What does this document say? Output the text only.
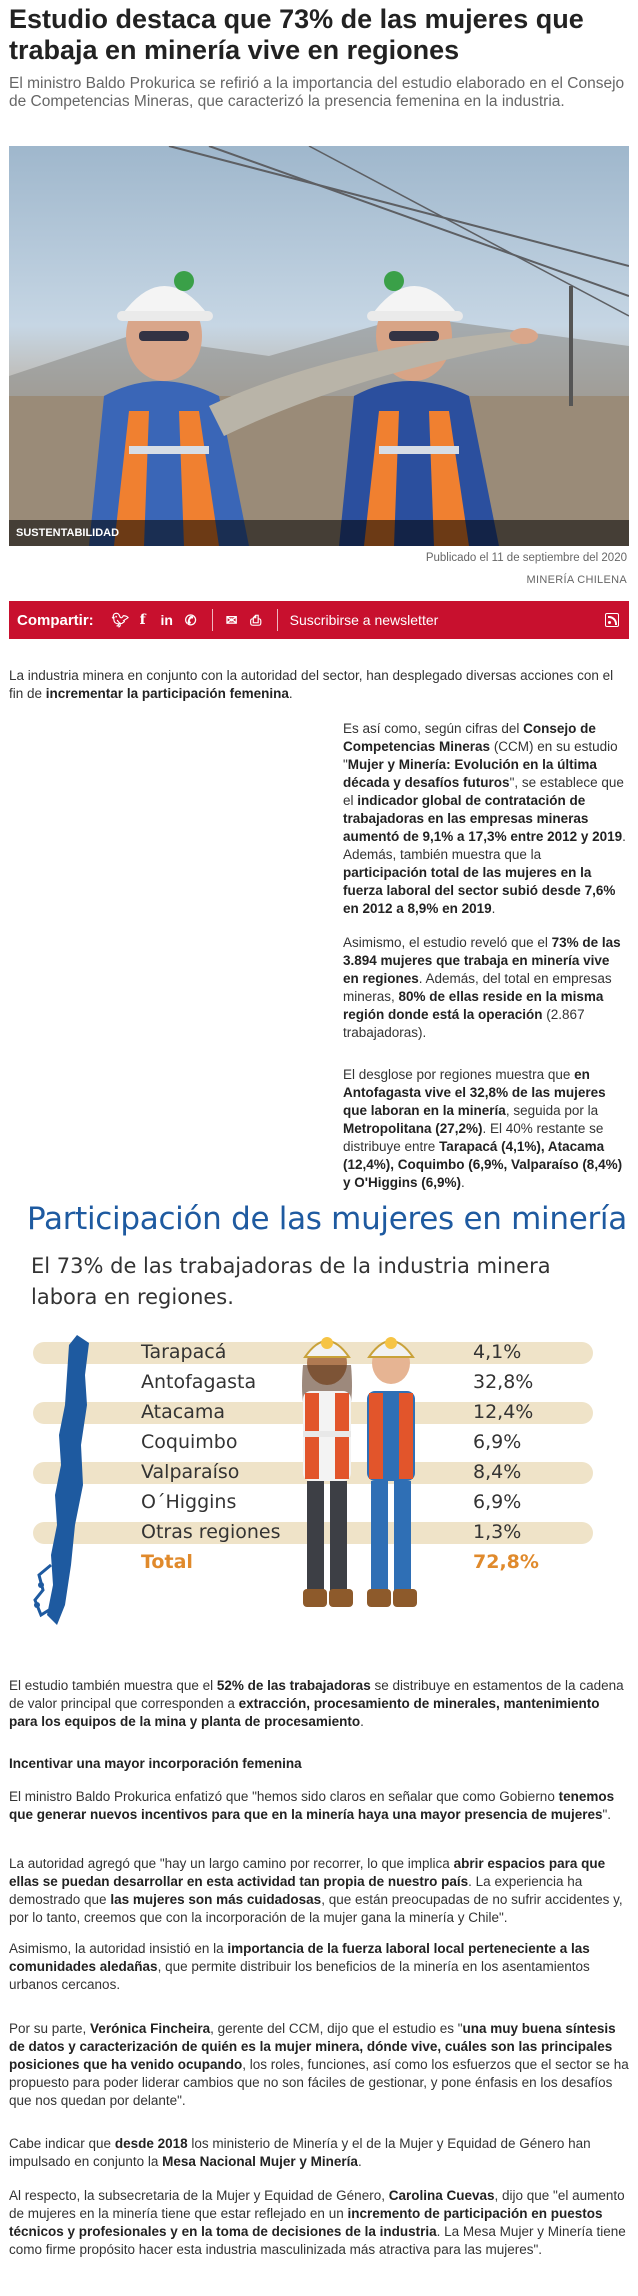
Estudio destaca que 73% de las mujeres que trabaja en minería vive en regiones

El ministro Baldo Prokurica se refirió a la importancia del estudio elaborado en el Consejo de Competencias Mineras, que caracterizó la presencia femenina en la industria.

SUSTENTABILIDAD
Publicado el 11 de septiembre del 2020
MINERÍA CHILENA
Compartir: 🐦︎ f in ✆ ✉ ⎙ Suscribirse a newsletter

La industria minera en conjunto con la autoridad del sector, han desplegado diversas acciones con el fin de incrementar la participación femenina.

Es así como, según cifras del Consejo de Competencias Mineras (CCM) en su estudio "Mujer y Minería: Evolución en la última década y desafíos futuros", se establece que el indicador global de contratación de trabajadoras en las empresas mineras aumentó de 9,1% a 17,3% entre 2012 y 2019. Además, también muestra que la participación total de las mujeres en la fuerza laboral del sector subió desde 7,6% en 2012 a 8,9% en 2019.

Asimismo, el estudio reveló que el 73% de las 3.894 mujeres que trabaja en minería vive en regiones. Además, del total en empresas mineras, 80% de ellas reside en la misma región donde está la operación (2.867 trabajadoras).

El desglose por regiones muestra que en Antofagasta vive el 32,8% de las mujeres que laboran en la minería, seguida por la Metropolitana (27,2%). El 40% restante se distribuye entre Tarapacá (4,1%), Atacama (12,4%), Coquimbo (6,9%, Valparaíso (8,4%) y O'Higgins (6,9%).

Participación de las mujeres en minería
El 73% de las trabajadoras de la industria minera labora en regiones.
Tarapacá	4,1%
Antofagasta	32,8%
Atacama	12,4%
Coquimbo	6,9%
Valparaíso	8,4%
O´Higgins	6,9%
Otras regiones	1,3%
Total	72,8%

El estudio también muestra que el 52% de las trabajadoras se distribuye en estamentos de la cadena de valor principal que corresponden a extracción, procesamiento de minerales, mantenimiento para los equipos de la mina y planta de procesamiento.

Incentivar una mayor incorporación femenina

El ministro Baldo Prokurica enfatizó que "hemos sido claros en señalar que como Gobierno tenemos que generar nuevos incentivos para que en la minería haya una mayor presencia de mujeres".

La autoridad agregó que "hay un largo camino por recorrer, lo que implica abrir espacios para que ellas se puedan desarrollar en esta actividad tan propia de nuestro país. La experiencia ha demostrado que las mujeres son más cuidadosas, que están preocupadas de no sufrir accidentes y, por lo tanto, creemos que con la incorporación de la mujer gana la minería y Chile".

Asimismo, la autoridad insistió en la importancia de la fuerza laboral local perteneciente a las comunidades aledañas, que permite distribuir los beneficios de la minería en los asentamientos urbanos cercanos.

Por su parte, Verónica Fincheira, gerente del CCM, dijo que el estudio es "una muy buena síntesis de datos y caracterización de quién es la mujer minera, dónde vive, cuáles son las principales posiciones que ha venido ocupando, los roles, funciones, así como los esfuerzos que el sector se ha propuesto para poder liderar cambios que no son fáciles de gestionar, y pone énfasis en los desafíos que nos quedan por delante".

Cabe indicar que desde 2018 los ministerio de Minería y el de la Mujer y Equidad de Género han impulsado en conjunto la Mesa Nacional Mujer y Minería.

Al respecto, la subsecretaria de la Mujer y Equidad de Género, Carolina Cuevas, dijo que "el aumento de mujeres en la minería tiene que estar reflejado en un incremento de participación en puestos técnicos y profesionales y en la toma de decisiones de la industria. La Mesa Mujer y Minería tiene como firme propósito hacer esta industria masculinizada más atractiva para las mujeres".
